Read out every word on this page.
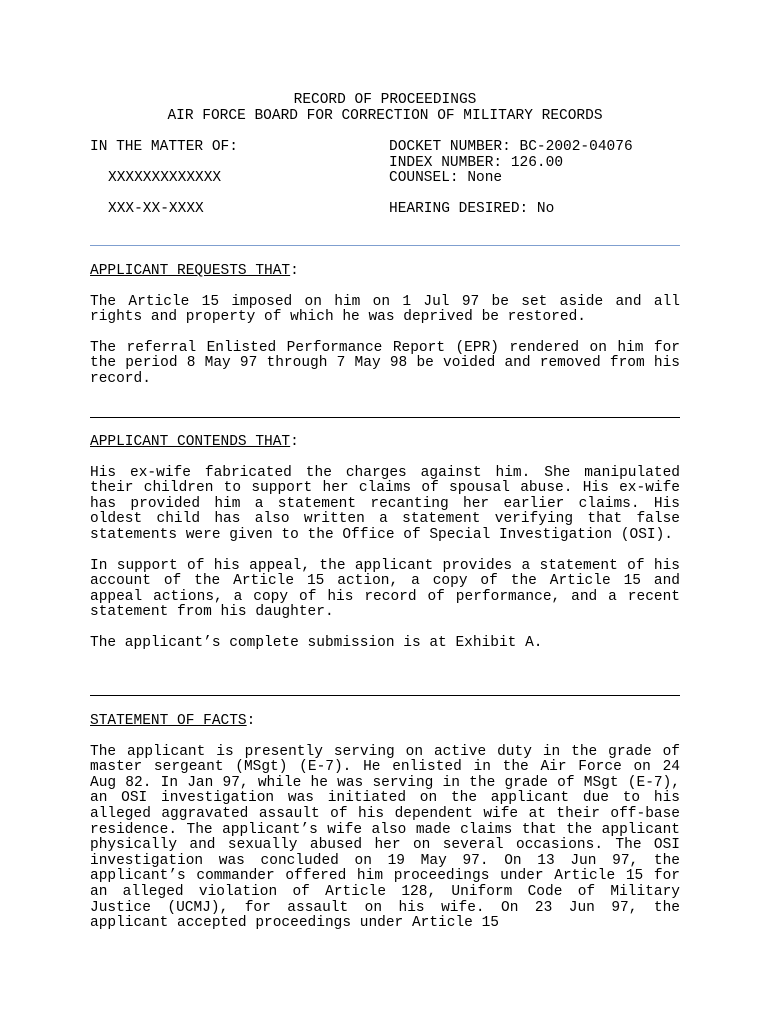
RECORD OF PROCEEDINGS
AIR FORCE BOARD FOR CORRECTION OF MILITARY RECORDS
IN THE MATTER OF:
XXXXXXXXXXXXX
XXX-XX-XXXX
DOCKET NUMBER: BC-2002-04076
INDEX NUMBER: 126.00
COUNSEL: None
HEARING DESIRED: No
APPLICANT REQUESTS THAT:

The Article 15 imposed on him on 1 Jul 97 be set aside and all rights and property of which he was deprived be restored.

The referral Enlisted Performance Report (EPR) rendered on him for the period 8 May 97 through 7 May 98 be voided and removed from his record.

APPLICANT CONTENDS THAT:

His ex-wife fabricated the charges against him. She manipulated their children to support her claims of spousal abuse. His ex-wife has provided him a statement recanting her earlier claims. His oldest child has also written a statement verifying that false statements were given to the Office of Special Investigation (OSI).

In support of his appeal, the applicant provides a statement of his account of the Article 15 action, a copy of the Article 15 and appeal actions, a copy of his record of performance, and a recent statement from his daughter.

The applicant’s complete submission is at Exhibit A.

STATEMENT OF FACTS:

The applicant is presently serving on active duty in the grade of master sergeant (MSgt) (E-7). He enlisted in the Air Force on 24 Aug 82. In Jan 97, while he was serving in the grade of MSgt (E-7), an OSI investigation was initiated on the applicant due to his alleged aggravated assault of his dependent wife at their off-base residence. The applicant’s wife also made claims that the applicant physically and sexually abused her on several occasions. The OSI investigation was concluded on 19 May 97. On 13 Jun 97, the applicant’s commander offered him proceedings under Article 15 for an alleged violation of Article 128, Uniform Code of Military Justice (UCMJ), for assault on his wife. On 23 Jun 97, the applicant accepted proceedings under Article 15
